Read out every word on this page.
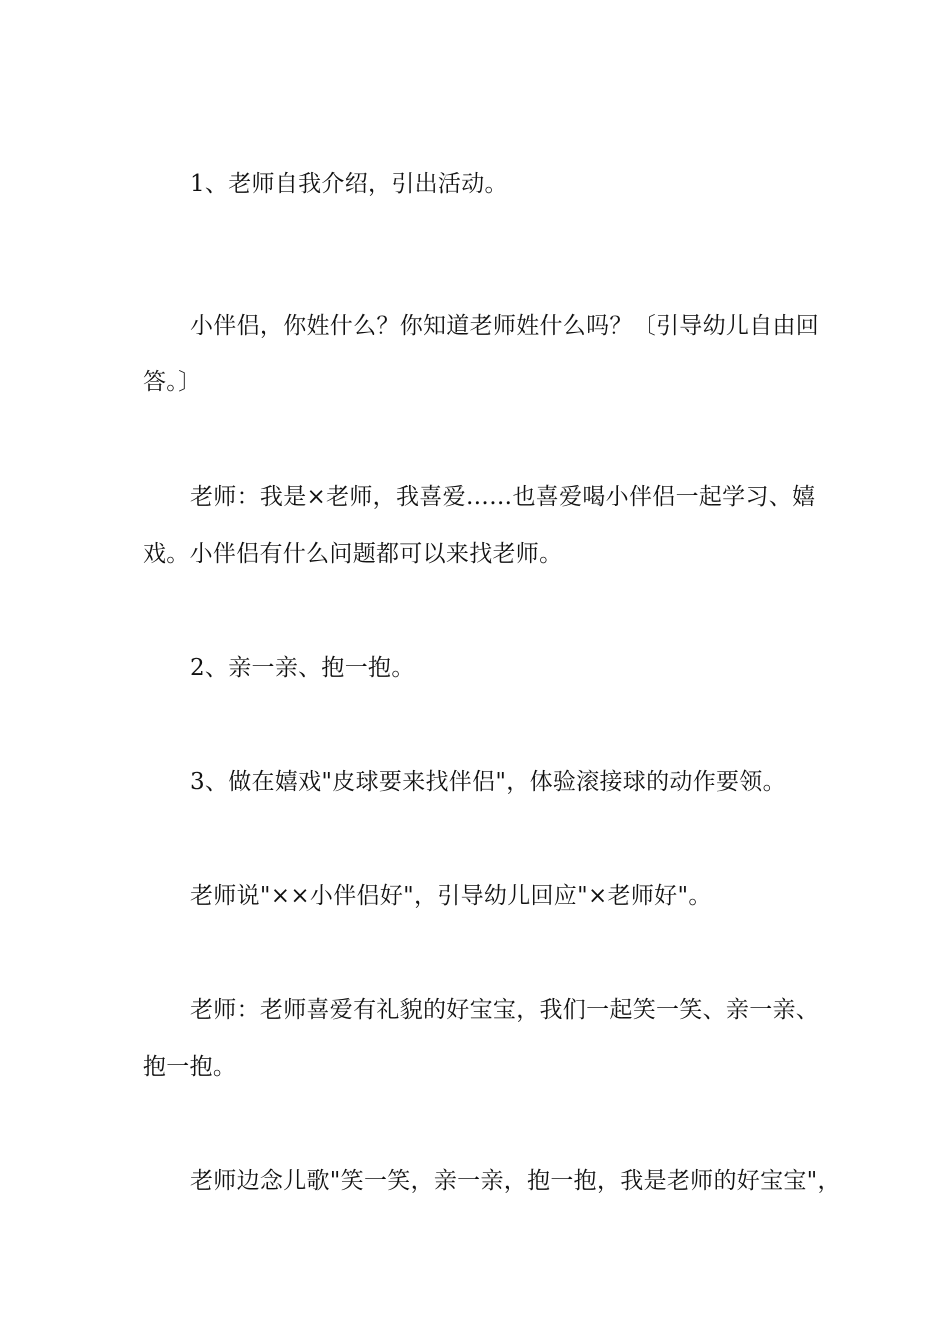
1、老师自我介绍，引出活动。
小伴侣，你姓什么？你知道老师姓什么吗？〔引导幼儿自由回
答。〕
老师：我是×老师，我喜爱……也喜爱喝小伴侣一起学习、嬉
戏。小伴侣有什么问题都可以来找老师。
2、亲一亲、抱一抱。
3、做在嬉戏"皮球要来找伴侣"，体验滚接球的动作要领。
老师说"××小伴侣好"，引导幼儿回应"×老师好"。
老师：老师喜爱有礼貌的好宝宝，我们一起笑一笑、亲一亲、
抱一抱。
老师边念儿歌"笑一笑，亲一亲，抱一抱，我是老师的好宝宝"，
